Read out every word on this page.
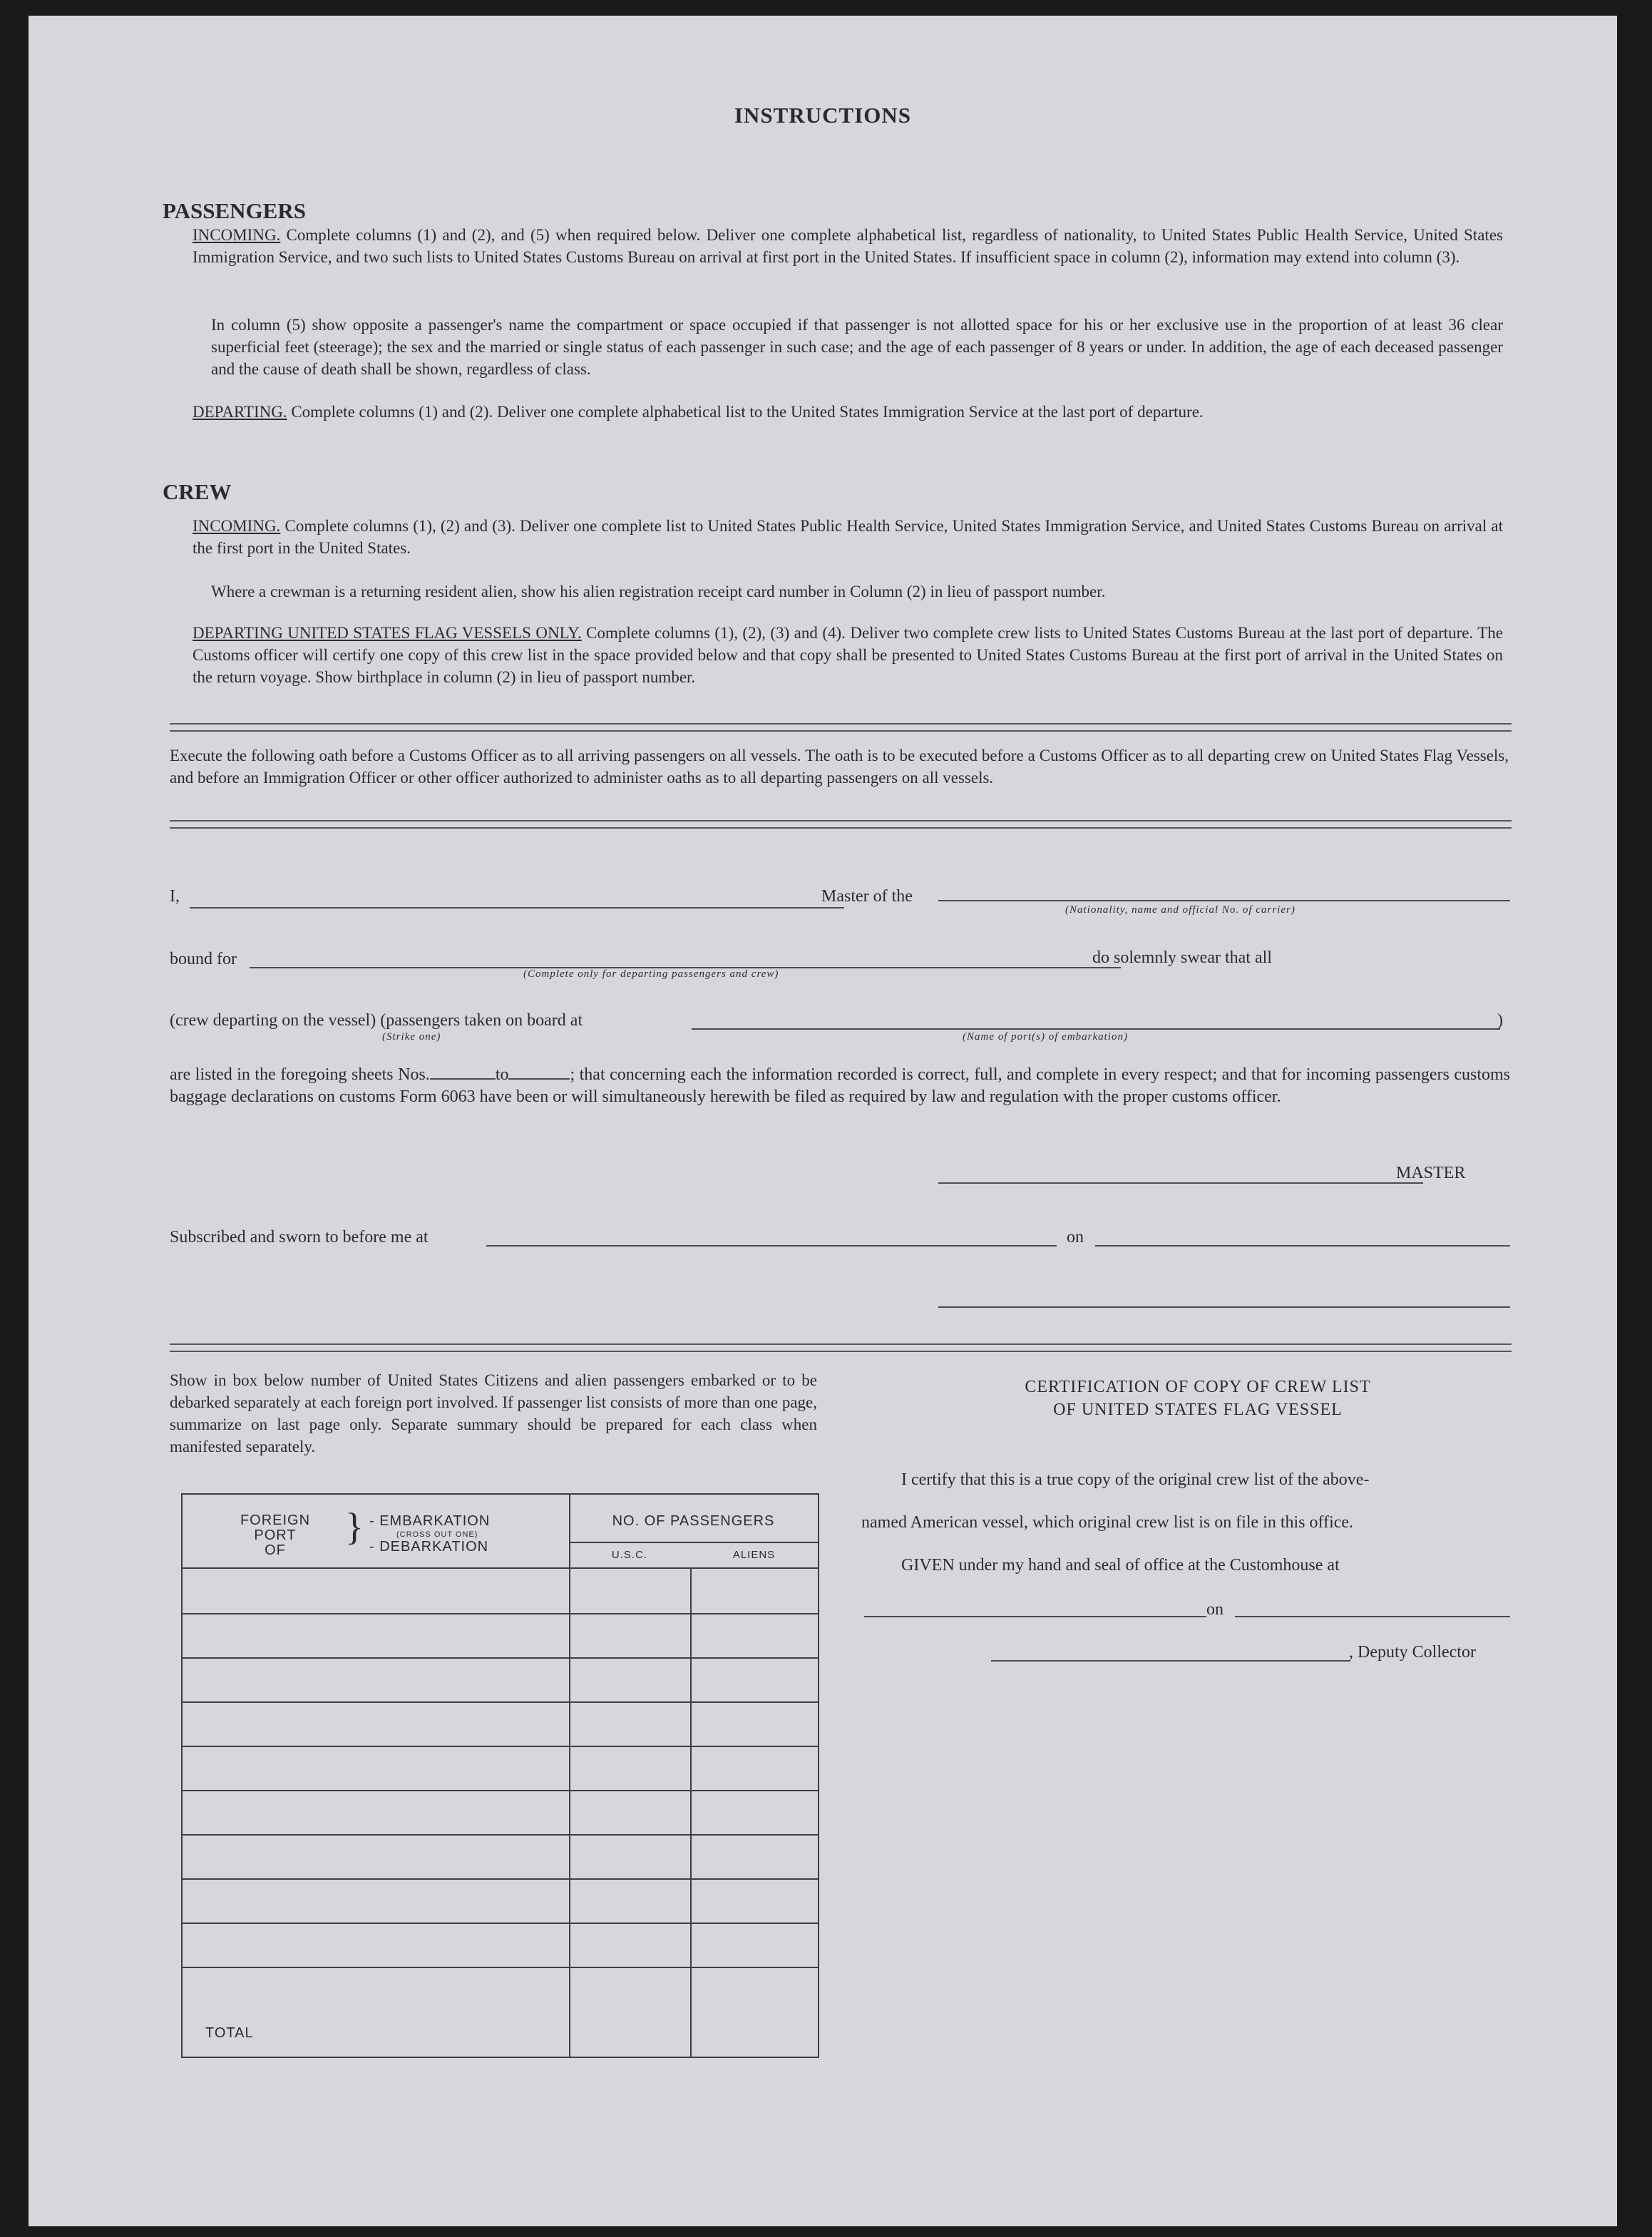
INSTRUCTIONS
PASSENGERS
INCOMING. Complete columns (1) and (2), and (5) when required below. Deliver one complete alphabetical list, regardless of nationality, to United States Public Health Service, United States Immigration Service, and two such lists to United States Customs Bureau on arrival at first port in the United States. If insufficient space in column (2), information may extend into column (3).
In column (5) show opposite a passenger's name the compartment or space occupied if that passenger is not allotted space for his or her exclusive use in the proportion of at least 36 clear superficial feet (steerage); the sex and the married or single status of each passenger in such case; and the age of each passenger of 8 years or under. In addition, the age of each deceased passenger and the cause of death shall be shown, regardless of class.
DEPARTING. Complete columns (1) and (2). Deliver one complete alphabetical list to the United States Immigration Service at the last port of departure.
CREW
INCOMING. Complete columns (1), (2) and (3). Deliver one complete list to United States Public Health Service, United States Immigration Service, and United States Customs Bureau on arrival at the first port in the United States.
Where a crewman is a returning resident alien, show his alien registration receipt card number in Column (2) in lieu of passport number.
DEPARTING UNITED STATES FLAG VESSELS ONLY. Complete columns (1), (2), (3) and (4). Deliver two complete crew lists to United States Customs Bureau at the last port of departure. The Customs officer will certify one copy of this crew list in the space provided below and that copy shall be presented to United States Customs Bureau at the first port of arrival in the United States on the return voyage. Show birthplace in column (2) in lieu of passport number.
Execute the following oath before a Customs Officer as to all arriving passengers on all vessels. The oath is to be executed before a Customs Officer as to all departing crew on United States Flag Vessels, and before an Immigration Officer or other officer authorized to administer oaths as to all departing passengers on all vessels.
I,	Master of the
(Nationality, name and official No. of carrier)
bound for
(Complete only for departing passengers and crew)
do solemnly swear that all
(crew departing on the vessel) (passengers taken on board at	)
(Strike one)	(Name of port(s) of embarkation)
are listed in the foregoing sheets Nos.	to	; that concerning each the information recorded is correct, full, and complete in every respect; and that for incoming passengers customs baggage declarations on customs Form 6063 have been or will simultaneously herewith be filed as required by law and regulation with the proper customs officer.
MASTER
Subscribed and sworn to before me at	on
Show in box below number of United States Citizens and alien passengers embarked or to be debarked separately at each foreign port involved. If passenger list consists of more than one page, summarize on last page only. Separate summary should be prepared for each class when manifested separately.
FOREIGN
PORT
OF
} - EMBARKATION
(CROSS OUT ONE)
- DEBARKATION
NO. OF PASSENGERS
U.S.C.	ALIENS
TOTAL
CERTIFICATION OF COPY OF CREW LIST
OF UNITED STATES FLAG VESSEL
I certify that this is a true copy of the original crew list of the above-
named American vessel, which original crew list is on file in this office.
GIVEN under my hand and seal of office at the Customhouse at
on
, Deputy Collector
